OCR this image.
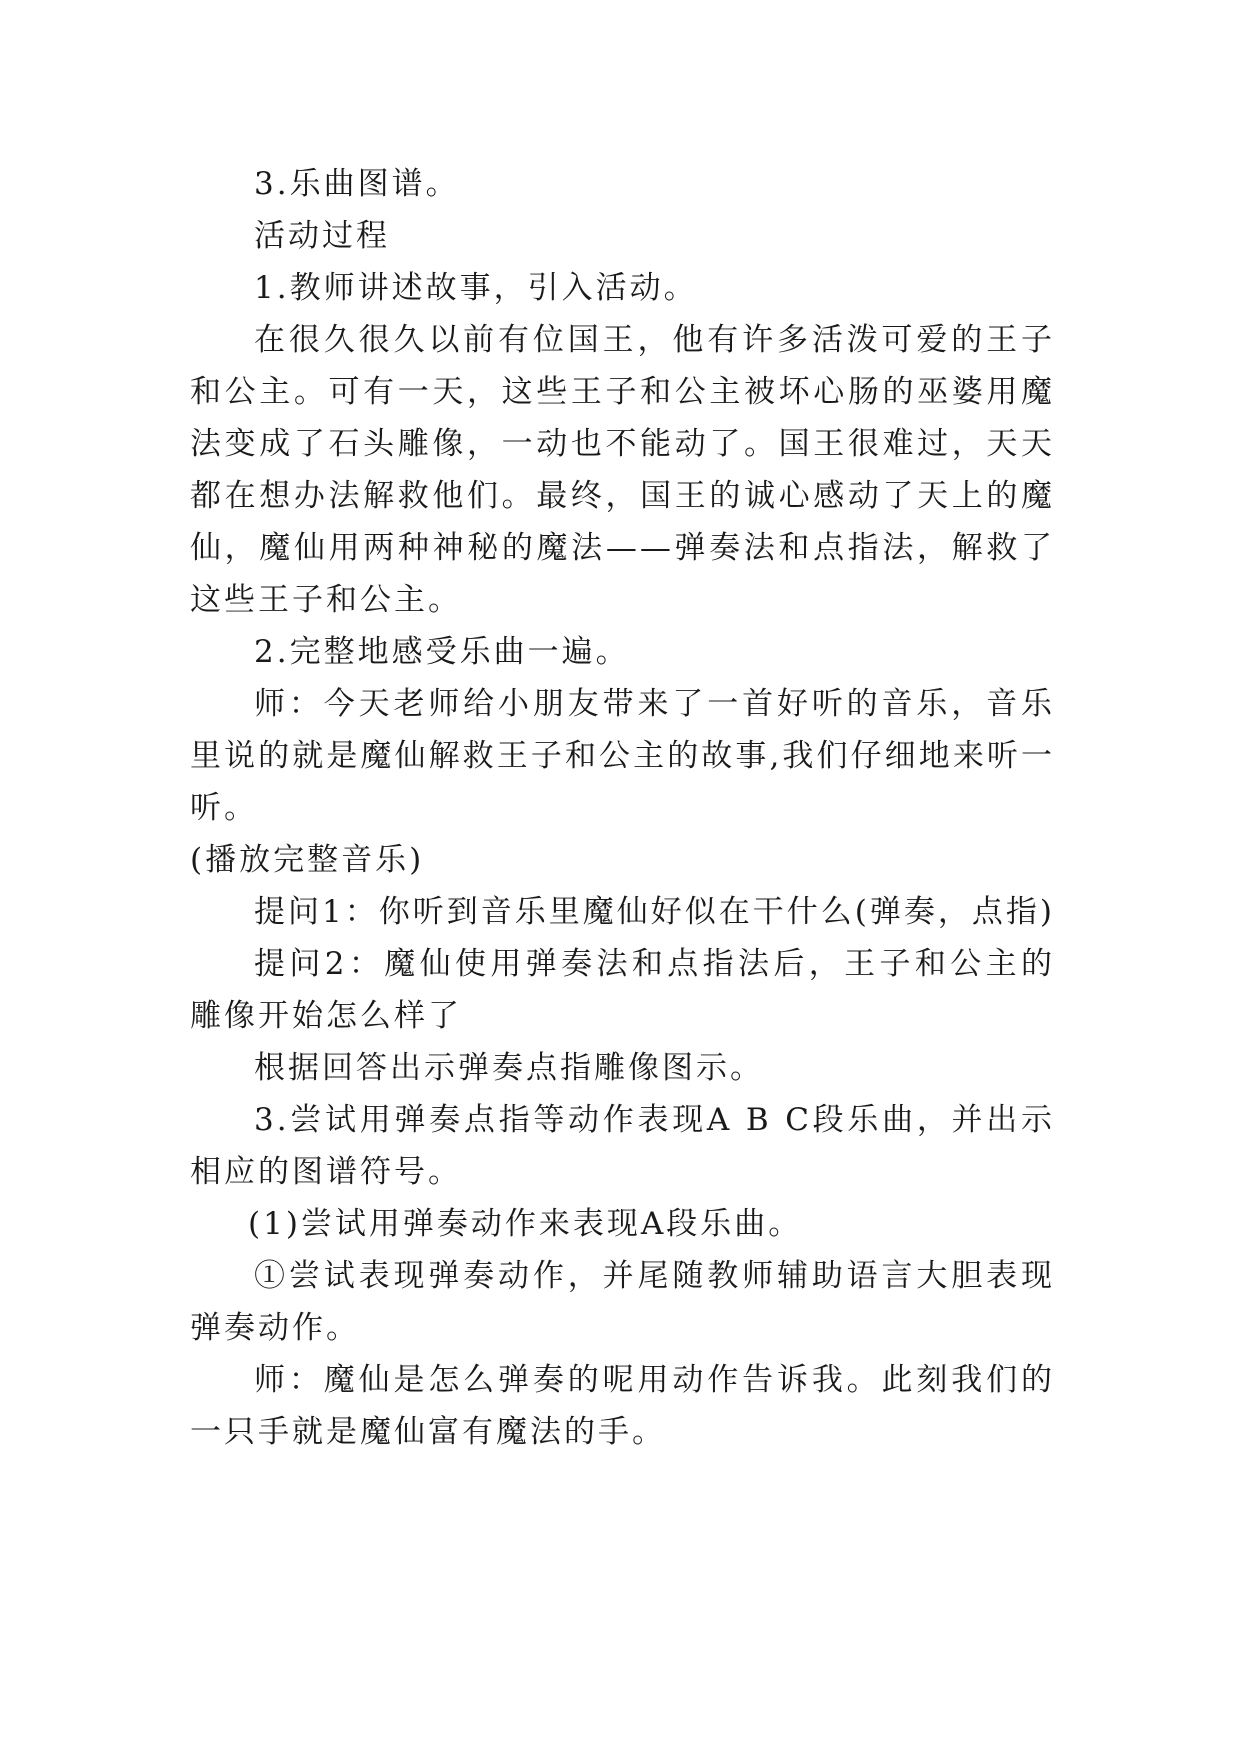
3.乐曲图谱。

活动过程

1.教师讲述故事，引入活动。

在很久很久以前有位国王，他有许多活泼可爱的王子和公主。可有一天，这些王子和公主被坏心肠的巫婆用魔法变成了石头雕像，一动也不能动了。国王很难过，天天都在想办法解救他们。最终，国王的诚心感动了天上的魔仙，魔仙用两种神秘的魔法——弹奏法和点指法，解救了这些王子和公主。

2.完整地感受乐曲一遍。

师：今天老师给小朋友带来了一首好听的音乐，音乐里说的就是魔仙解救王子和公主的故事,我们仔细地来听一听。

(播放完整音乐)

提问1：你听到音乐里魔仙好似在干什么(弹奏，点指)

提问2：魔仙使用弹奏法和点指法后，王子和公主的雕像开始怎么样了

根据回答出示弹奏点指雕像图示。

3.尝试用弹奏点指等动作表现A B C段乐曲，并出示相应的图谱符号。

(1)尝试用弹奏动作来表现A段乐曲。

①尝试表现弹奏动作，并尾随教师辅助语言大胆表现弹奏动作。

师：魔仙是怎么弹奏的呢用动作告诉我。此刻我们的一只手就是魔仙富有魔法的手。
